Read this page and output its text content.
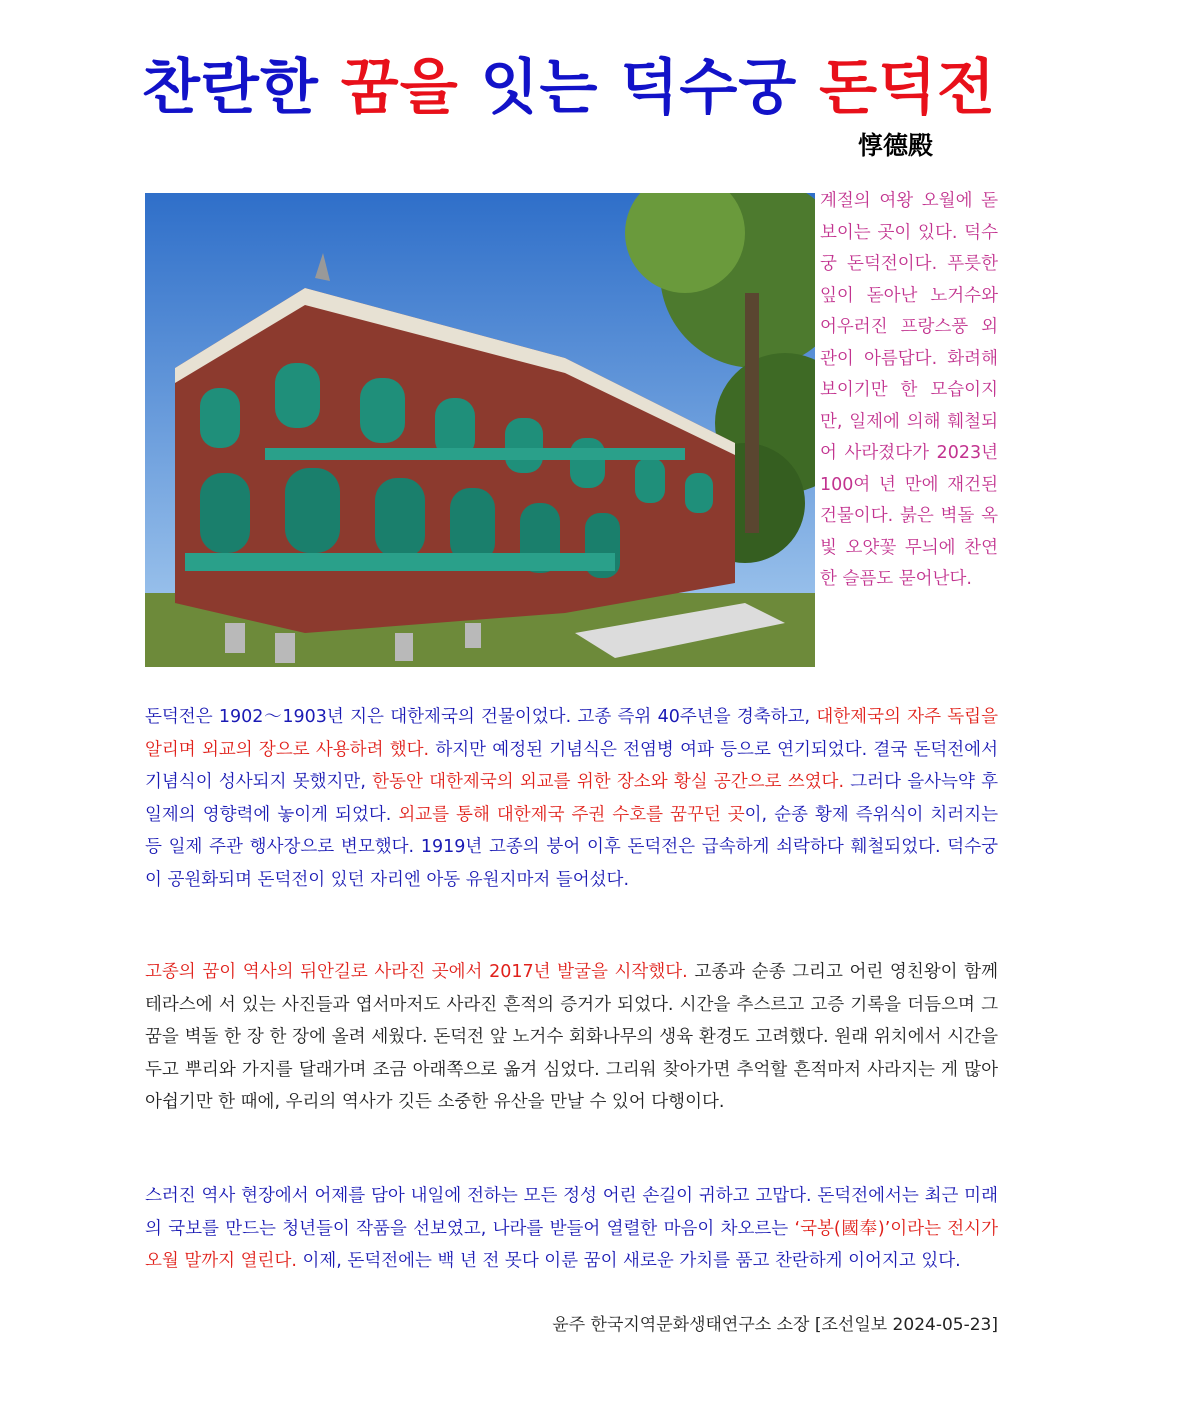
찬란한 꿈을 잇는 덕수궁 돈덕전
惇德殿
계절의 여왕 오월에 돋보이는 곳이 있다. 덕수궁 돈덕전이다. 푸릇한 잎이 돋아난 노거수와 어우러진 프랑스풍 외관이 아름답다. 화려해 보이기만 한 모습이지만, 일제에 의해 훼철되어 사라졌다가 2023년 100여 년 만에 재건된 건물이다. 붉은 벽돌 옥빛 오얏꽃 무늬에 찬연한 슬픔도 묻어난다.
돈덕전은 1902～1903년 지은 대한제국의 건물이었다. 고종 즉위 40주년을 경축하고, 대한제국의 자주 독립을 알리며 외교의 장으로 사용하려 했다. 하지만 예정된 기념식은 전염병 여파 등으로 연기되었다. 결국 돈덕전에서 기념식이 성사되지 못했지만, 한동안 대한제국의 외교를 위한 장소와 황실 공간으로 쓰였다. 그러다 을사늑약 후 일제의 영향력에 놓이게 되었다. 외교를 통해 대한제국 주권 수호를 꿈꾸던 곳이, 순종 황제 즉위식이 치러지는 등 일제 주관 행사장으로 변모했다. 1919년 고종의 붕어 이후 돈덕전은 급속하게 쇠락하다 훼철되었다. 덕수궁이 공원화되며 돈덕전이 있던 자리엔 아동 유원지마저 들어섰다.
고종의 꿈이 역사의 뒤안길로 사라진 곳에서 2017년 발굴을 시작했다. 고종과 순종 그리고 어린 영친왕이 함께 테라스에 서 있는 사진들과 엽서마저도 사라진 흔적의 증거가 되었다. 시간을 추스르고 고증 기록을 더듬으며 그 꿈을 벽돌 한 장 한 장에 올려 세웠다. 돈덕전 앞 노거수 회화나무의 생육 환경도 고려했다. 원래 위치에서 시간을 두고 뿌리와 가지를 달래가며 조금 아래쪽으로 옮겨 심었다. 그리워 찾아가면 추억할 흔적마저 사라지는 게 많아 아쉽기만 한 때에, 우리의 역사가 깃든 소중한 유산을 만날 수 있어 다행이다.
스러진 역사 현장에서 어제를 담아 내일에 전하는 모든 정성 어린 손길이 귀하고 고맙다. 돈덕전에서는 최근 미래의 국보를 만드는 청년들이 작품을 선보였고, 나라를 받들어 열렬한 마음이 차오르는 ‘국봉(國奉)’이라는 전시가 오월 말까지 열린다. 이제, 돈덕전에는 백 년 전 못다 이룬 꿈이 새로운 가치를 품고 찬란하게 이어지고 있다.
윤주 한국지역문화생태연구소 소장 [조선일보 2024-05-23]
